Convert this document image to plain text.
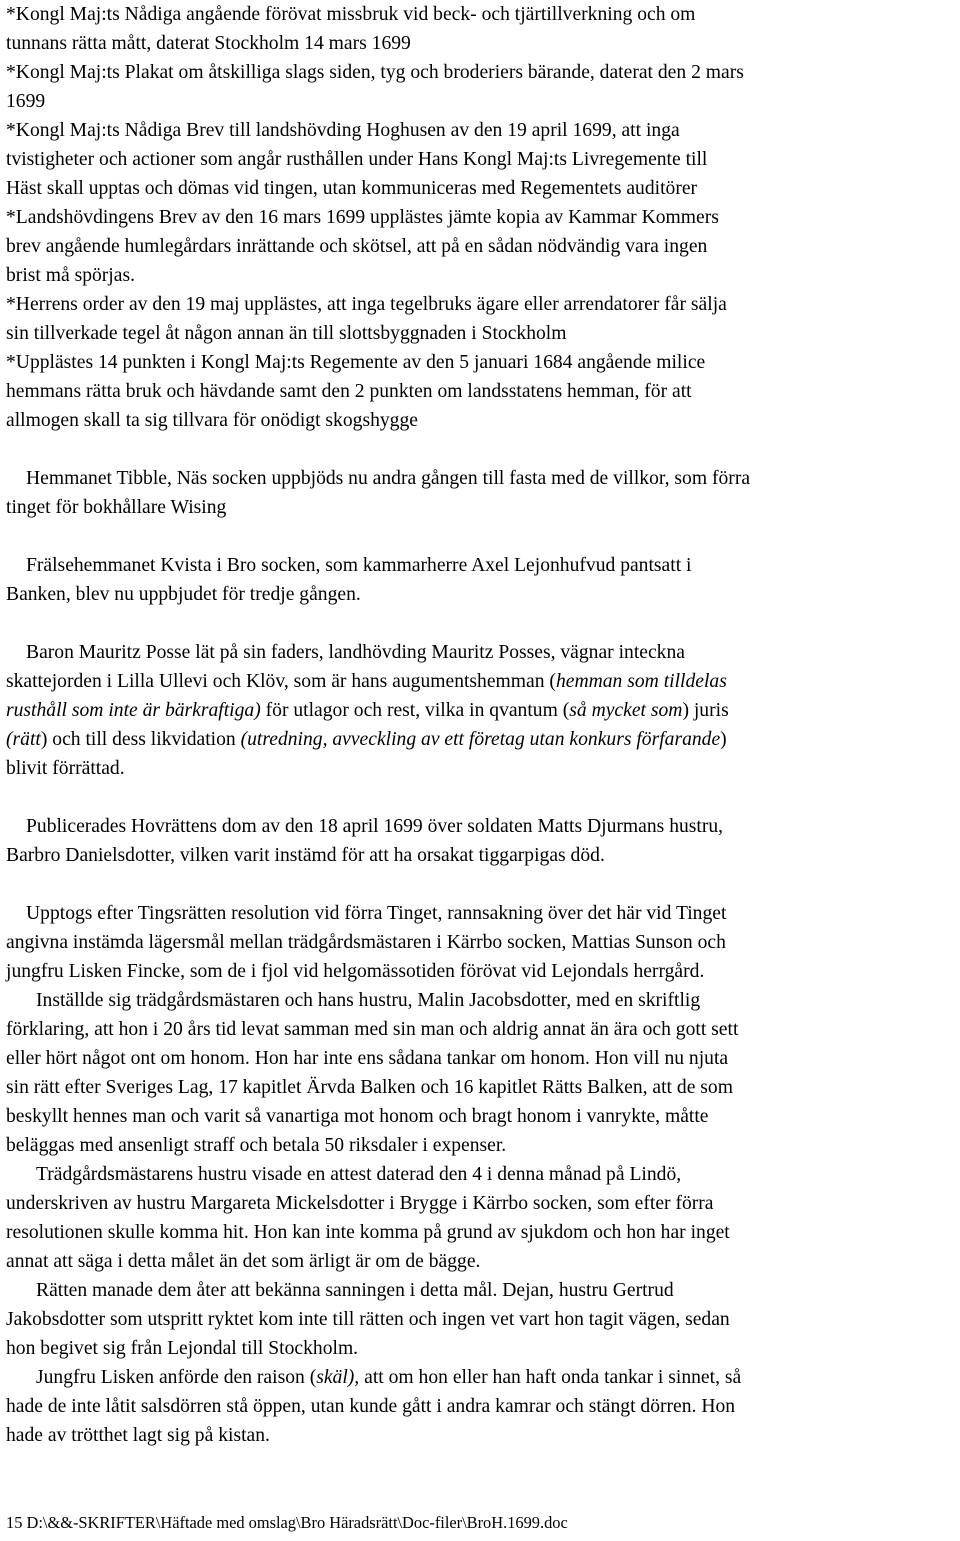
*Kongl Maj:ts Nådiga angående förövat missbruk vid beck- och tjärtillverkning och om
tunnans rätta mått, daterat Stockholm 14 mars 1699
*Kongl Maj:ts Plakat om åtskilliga slags siden, tyg och broderiers bärande, daterat den 2 mars
1699
*Kongl Maj:ts Nådiga Brev till landshövding Hoghusen av den 19 april 1699, att inga
tvistigheter och actioner som angår rusthållen under Hans Kongl Maj:ts Livregemente till
Häst skall upptas och dömas vid tingen, utan kommuniceras med Regementets auditörer
*Landshövdingens Brev av den 16 mars 1699 upplästes jämte kopia av Kammar Kommers
brev angående humlegårdars inrättande och skötsel, att på en sådan nödvändig vara ingen
brist må spörjas.
*Herrens order av den 19 maj upplästes, att inga tegelbruks ägare eller arrendatorer får sälja
sin tillverkade tegel åt någon annan än till slottsbyggnaden i Stockholm
*Upplästes 14 punkten i Kongl Maj:ts Regemente av den 5 januari 1684 angående milice
hemmans rätta bruk och hävdande samt den 2 punkten om landsstatens hemman, för att
allmogen skall ta sig tillvara för onödigt skogshygge
Hemmanet Tibble, Näs socken uppbjöds nu andra gången till fasta med de villkor, som förra
tinget för bokhållare Wising
Frälsehemmanet Kvista i Bro socken, som kammarherre Axel Lejonhufvud pantsatt i
Banken, blev nu uppbjudet för tredje gången.
Baron Mauritz Posse lät på sin faders, landhövding Mauritz Posses, vägnar inteckna
skattejorden i Lilla Ullevi och Klöv, som är hans augumentshemman (hemman som tilldelas
rusthåll som inte är bärkraftiga) för utlagor och rest, vilka in qvantum (så mycket som) juris
(rätt) och till dess likvidation (utredning, avveckling av ett företag utan konkurs förfarande)
blivit förrättad.
Publicerades Hovrättens dom av den 18 april 1699 över soldaten Matts Djurmans hustru,
Barbro Danielsdotter, vilken varit instämd för att ha orsakat tiggarpigas död.
Upptogs efter Tingsrätten resolution vid förra Tinget, rannsakning över det här vid Tinget
angivna instämda lägersmål mellan trädgårdsmästaren i Kärrbo socken, Mattias Sunson och
jungfru Lisken Fincke, som de i fjol vid helgomässotiden förövat vid Lejondals herrgård.
Inställde sig trädgårdsmästaren och hans hustru, Malin Jacobsdotter, med en skriftlig
förklaring, att hon i 20 års tid levat samman med sin man och aldrig annat än ära och gott sett
eller hört något ont om honom. Hon har inte ens sådana tankar om honom. Hon vill nu njuta
sin rätt efter Sveriges Lag, 17 kapitlet Ärvda Balken och 16 kapitlet Rätts Balken, att de som
beskyllt hennes man och varit så vanartiga mot honom och bragt honom i vanrykte, måtte
beläggas med ansenligt straff och betala 50 riksdaler i expenser.
Trädgårdsmästarens hustru visade en attest daterad den 4 i denna månad på Lindö,
underskriven av hustru Margareta Mickelsdotter i Brygge i Kärrbo socken, som efter förra
resolutionen skulle komma hit. Hon kan inte komma på grund av sjukdom och hon har inget
annat att säga i detta målet än det som ärligt är om de bägge.
Rätten manade dem åter att bekänna sanningen i detta mål. Dejan, hustru Gertrud
Jakobsdotter som utspritt ryktet kom inte till rätten och ingen vet vart hon tagit vägen, sedan
hon begivet sig från Lejondal till Stockholm.
Jungfru Lisken anförde den raison (skäl), att om hon eller han haft onda tankar i sinnet, så
hade de inte låtit salsdörren stå öppen, utan kunde gått i andra kamrar och stängt dörren. Hon
hade av trötthet lagt sig på kistan.
15 D:\&&-SKRIFTER\Häftade med omslag\Bro Häradsrätt\Doc-filer\BroH.1699.doc
